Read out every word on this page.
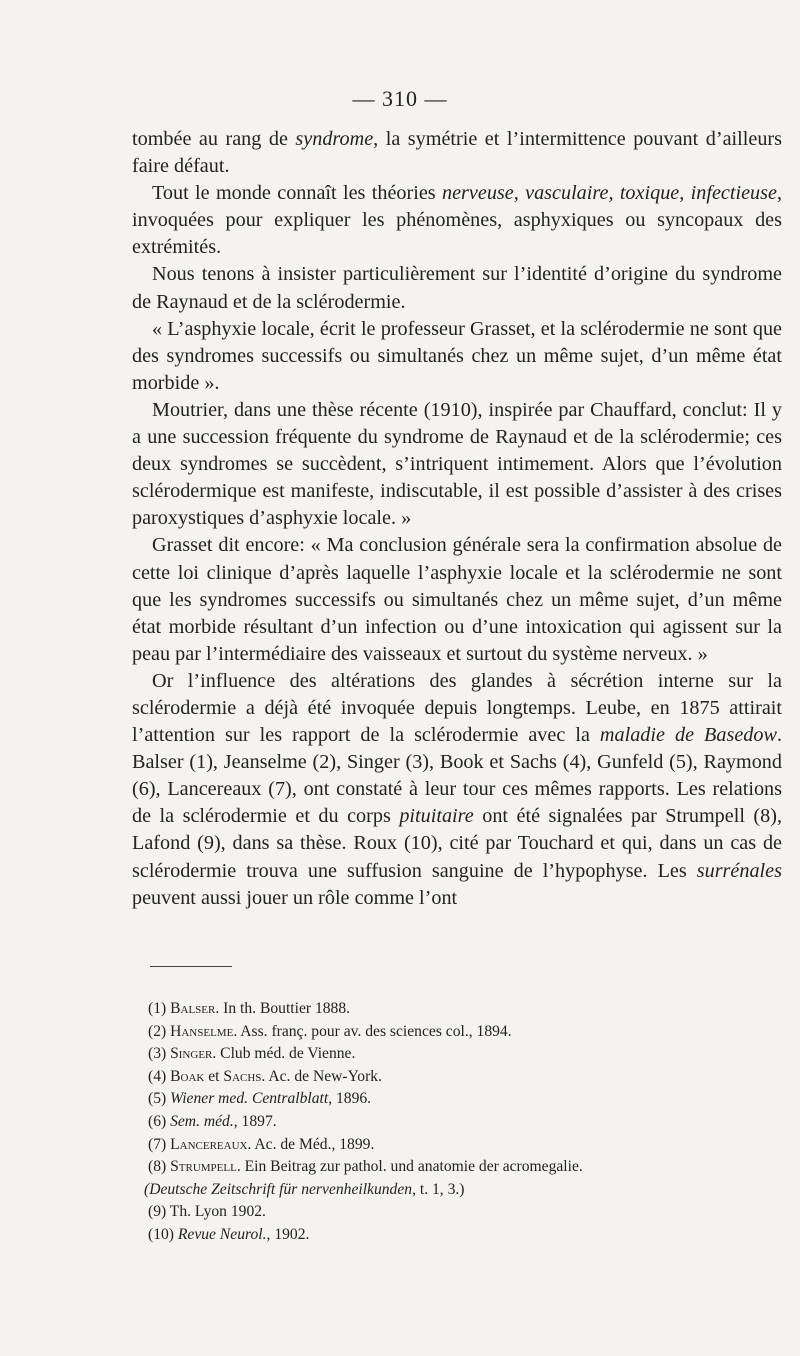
— 310 —

tombée au rang de syndrome, la symétrie et l’intermittence pouvant d’ailleurs faire défaut.

Tout le monde connaît les théories nerveuse, vasculaire, toxique, infectieuse, invoquées pour expliquer les phénomènes, asphyxiques ou syncopaux des extrémités.

Nous tenons à insister particulièrement sur l’identité d’origine du syndrome de Raynaud et de la sclérodermie.

« L’asphyxie locale, écrit le professeur Grasset, et la sclérodermie ne sont que des syndromes successifs ou simultanés chez un même sujet, d’un même état morbide ».

Moutrier, dans une thèse récente (1910), inspirée par Chauffard, conclut: Il y a une succession fréquente du syndrome de Raynaud et de la sclérodermie; ces deux syndromes se succèdent, s’intriquent intimement. Alors que l’évolution sclérodermique est manifeste, indiscutable, il est possible d’assister à des crises paroxystiques d’asphyxie locale. »

Grasset dit encore: « Ma conclusion générale sera la confirmation absolue de cette loi clinique d’après laquelle l’asphyxie locale et la sclérodermie ne sont que les syndromes successifs ou simultanés chez un même sujet, d’un même état morbide résultant d’un infection ou d’une intoxication qui agissent sur la peau par l’intermédiaire des vaisseaux et surtout du système nerveux. »

Or l’influence des altérations des glandes à sécrétion interne sur la sclérodermie a déjà été invoquée depuis longtemps. Leube, en 1875 attirait l’attention sur les rapport de la sclérodermie avec la maladie de Basedow. Balser (1), Jeanselme (2), Singer (3), Book et Sachs (4), Gunfeld (5), Raymond (6), Lancereaux (7), ont constaté à leur tour ces mêmes rapports. Les relations de la sclérodermie et du corps pituitaire ont été signalées par Strumpell (8), Lafond (9), dans sa thèse. Roux (10), cité par Touchard et qui, dans un cas de sclérodermie trouva une suffusion sanguine de l’hypophyse. Les surrénales peuvent aussi jouer un rôle comme l’ont

(1) Balser. In th. Bouttier 1888.
(2) Hanselme. Ass. franç. pour av. des sciences col., 1894.
(3) Singer. Club méd. de Vienne.
(4) Boak et Sachs. Ac. de New-York.
(5) Wiener med. Centralblatt, 1896.
(6) Sem. méd., 1897.
(7) Lancereaux. Ac. de Méd., 1899.
(8) Strumpell. Ein Beitrag zur pathol. und anatomie der acromegalie.
(Deutsche Zeitschrift für nervenheilkunden, t. 1, 3.)
(9) Th. Lyon 1902.
(10) Revue Neurol., 1902.
